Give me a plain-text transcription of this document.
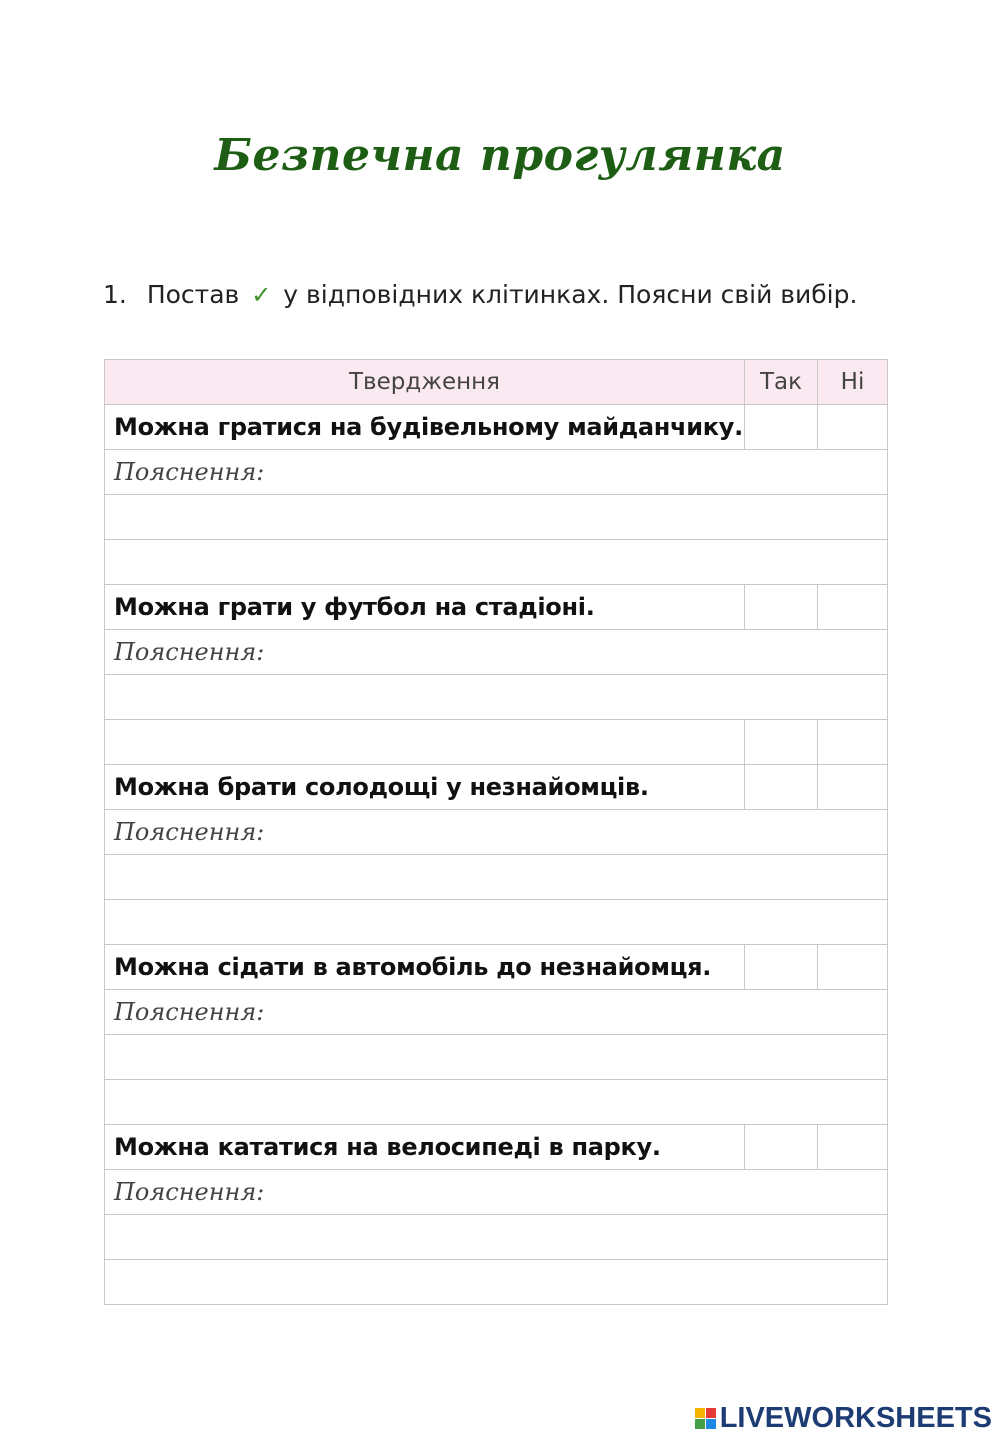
Безпечна прогулянка
1. Постав ✓ у відповідних клітинках. Поясни свій вибір.
Твердження	Так	Ні
Можна гратися на будівельному майданчику.		
Пояснення:		

Можна грати у футбол на стадіоні.		
Пояснення:		

Можна брати солодощі у незнайомців.		
Пояснення:		

Можна сідати в автомобіль до незнайомця.		
Пояснення:		

Можна кататися на велосипеді в парку.		
Пояснення:		

LIVEWORKSHEETS
